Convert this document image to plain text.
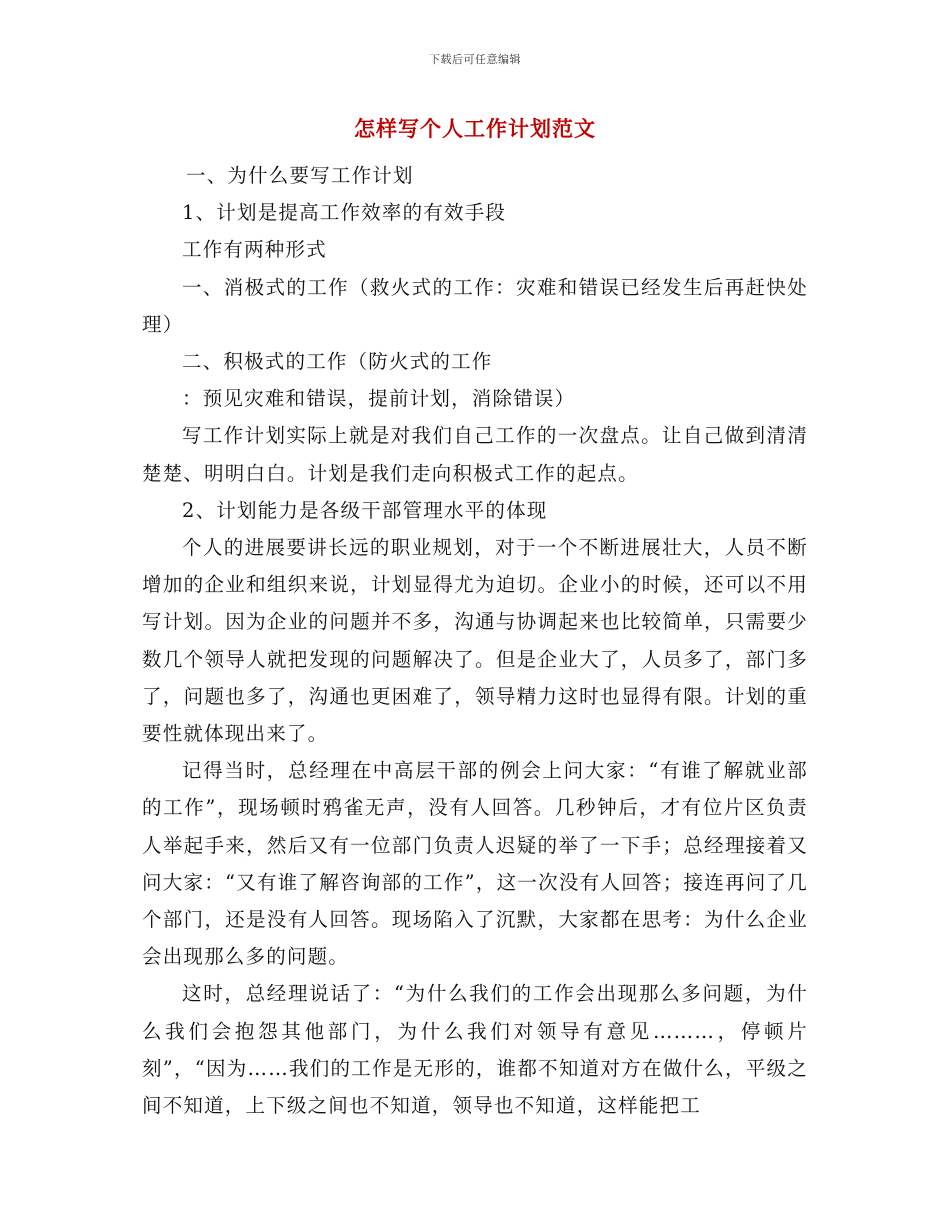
下载后可任意编辑
怎样写个人工作计划范文

一、为什么要写工作计划

1、计划是提高工作效率的有效手段

工作有两种形式

一、消极式的工作（救火式的工作：灾难和错误已经发生后再赶快处理）

二、积极式的工作（防火式的工作

：预见灾难和错误，提前计划，消除错误）

写工作计划实际上就是对我们自己工作的一次盘点。让自己做到清清楚楚、明明白白。计划是我们走向积极式工作的起点。

2、计划能力是各级干部管理水平的体现

个人的进展要讲长远的职业规划，对于一个不断进展壮大，人员不断增加的企业和组织来说，计划显得尤为迫切。企业小的时候，还可以不用写计划。因为企业的问题并不多，沟通与协调起来也比较简单，只需要少数几个领导人就把发现的问题解决了。但是企业大了，人员多了，部门多了，问题也多了，沟通也更困难了，领导精力这时也显得有限。计划的重要性就体现出来了。

记得当时，总经理在中高层干部的例会上问大家：“有谁了解就业部的工作”，现场顿时鸦雀无声，没有人回答。几秒钟后，才有位片区负责人举起手来，然后又有一位部门负责人迟疑的举了一下手；总经理接着又问大家：“又有谁了解咨询部的工作”，这一次没有人回答；接连再问了几个部门，还是没有人回答。现场陷入了沉默，大家都在思考：为什么企业会出现那么多的问题。

这时，总经理说话了：“为什么我们的工作会出现那么多问题，为什么我们会抱怨其他部门，为什么我们对领导有意见………，停顿片刻”，“因为……我们的工作是无形的，谁都不知道对方在做什么，平级之间不知道，上下级之间也不知道，领导也不知道，这样能把工
